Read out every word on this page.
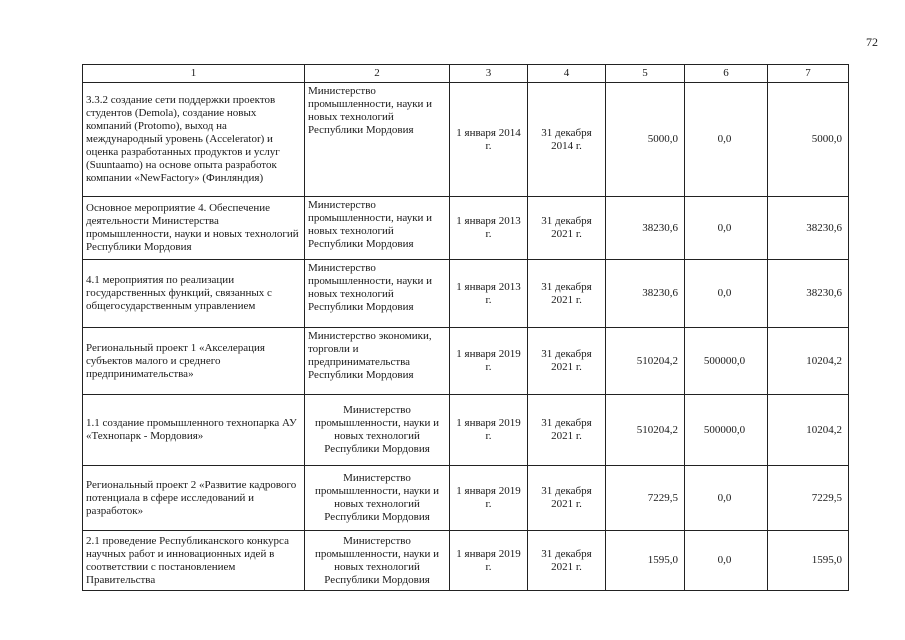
72
1	2	3	4	5	6	7
3.3.2 создание сети поддержки проектов студентов (Demola), создание новых компаний (Protomo), выход на международный уровень (Accelerator) и оценка разработанных продуктов и услуг (Suuntaamo) на основе опыта разработок компании «NewFactory» (Финляндия)	Министерство промышленности, науки и новых технологий Республики Мордовия	1 января 2014 г.	31 декабря 2014 г.	5000,0	0,0	5000,0
Основное мероприятие 4. Обеспечение деятельности Министерства промышленности, науки и новых технологий Республики Мордовия	Министерство промышленности, науки и новых технологий Республики Мордовия	1 января 2013 г.	31 декабря 2021 г.	38230,6	0,0	38230,6
4.1 мероприятия по реализации государственных функций, связанных с общегосударственным управлением	Министерство промышленности, науки и новых технологий Республики Мордовия	1 января 2013 г.	31 декабря 2021 г.	38230,6	0,0	38230,6
Региональный проект 1 «Акселерация субъектов малого и среднего предпринимательства»	Министерство экономики, торговли и предпринимательства Республики Мордовия	1 января 2019 г.	31 декабря 2021 г.	510204,2	500000,0	10204,2
1.1 создание промышленного технопарка АУ «Технопарк - Мордовия»	Министерство промышленности, науки и новых технологий Республики Мордовия	1 января 2019 г.	31 декабря 2021 г.	510204,2	500000,0	10204,2
Региональный проект 2 «Развитие кадрового потенциала в сфере исследований и разработок»	Министерство промышленности, науки и новых технологий Республики Мордовия	1 января 2019 г.	31 декабря 2021 г.	7229,5	0,0	7229,5
2.1 проведение Республиканского конкурса научных работ и инновационных идей в соответствии с постановлением Правительства	Министерство промышленности, науки и новых технологий Республики Мордовия	1 января 2019 г.	31 декабря 2021 г.	1595,0	0,0	1595,0
